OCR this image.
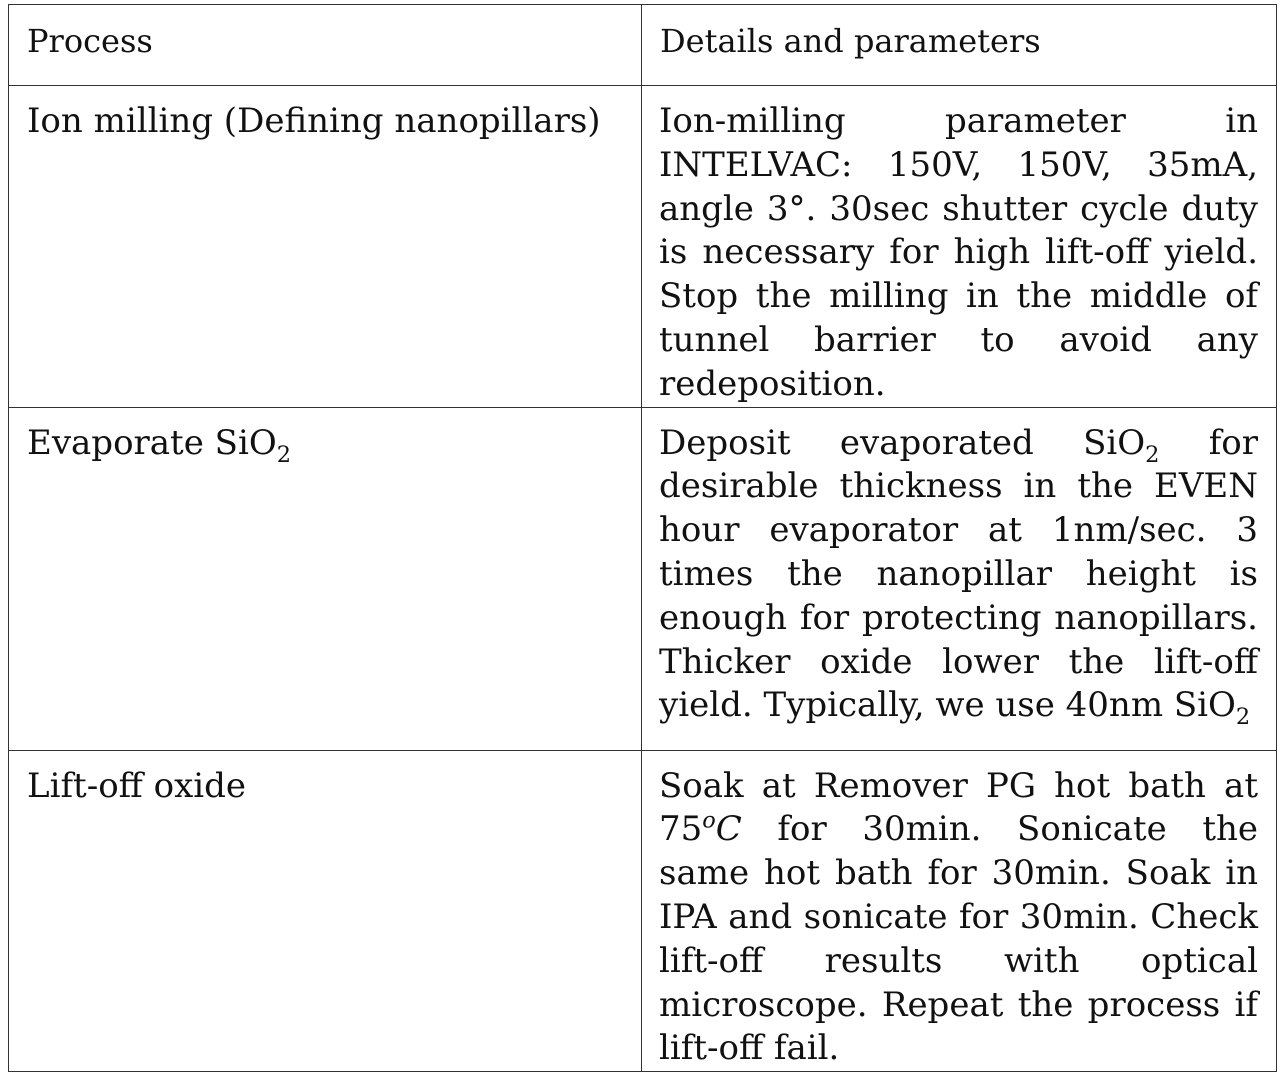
Process	Details and parameters
Ion milling (Defining nanopillars)	Ion-milling parameter in INTELVAC: 150V, 150V, 35mA, angle 3°. 30sec shutter cycle duty is necessary for high lift-off yield. Stop the milling in the middle of tunnel barrier to avoid any redeposition.

Evaporate SiO$_2$	Deposit evaporated SiO$_2$ for desirable thickness in the EVEN hour evaporator at 1nm/sec. 3 times the nanopillar height is enough for protecting nanopillars. Thicker oxide lower the lift-off yield. Typically, we use 40nm SiO$_2$

Lift-off oxide	Soak at Remover PG hot bath at 75$^o$C for 30min. Sonicate the same hot bath for 30min. Soak in IPA and sonicate for 30min. Check lift-off results with optical microscope. Repeat the process if lift-off fail.
